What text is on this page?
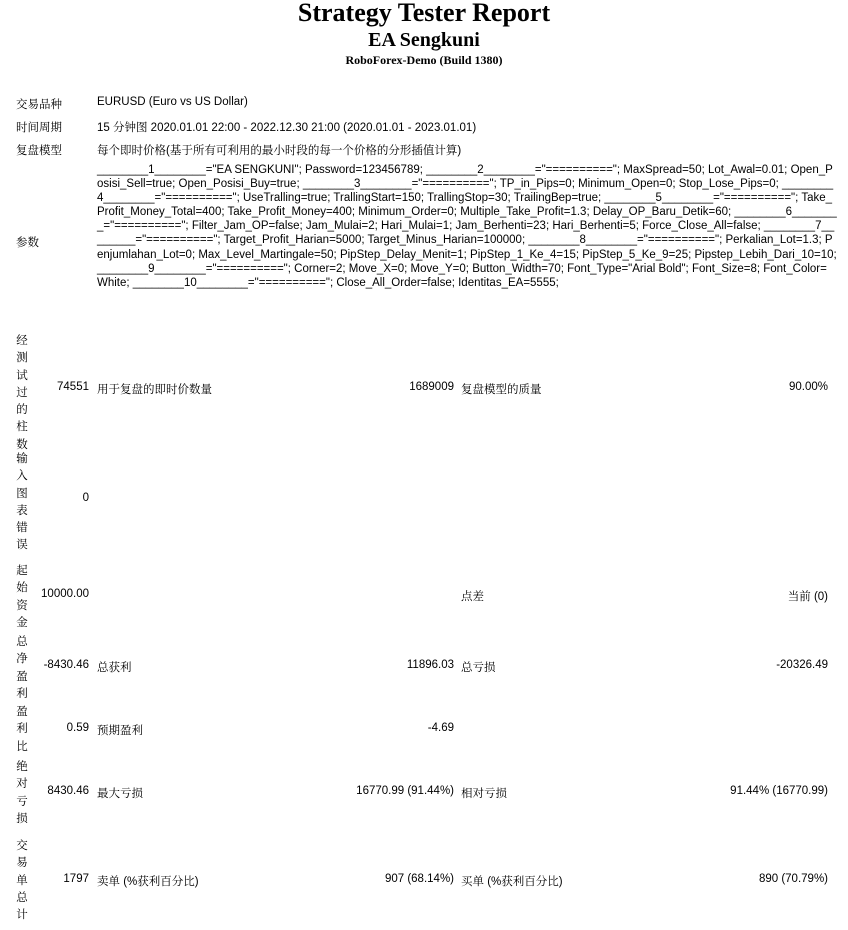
Strategy Tester Report
EA Sengkuni
RoboForex-Demo (Build 1380)
交易品种	EURUSD (Euro vs US Dollar)
时间周期	15 分钟图 2020.01.01 22:00 - 2022.12.30 21:00 (2020.01.01 - 2023.01.01)
复盘模型	每个即时价格(基于所有可利用的最小时段的每一个价格的分形插值计算)
参数
________1________="EA SENGKUNI"; Password=123456789; ________2________="=========="; MaxSpread=50; Lot_Awal=0.01; Open_Posisi_Sell=true; Open_Posisi_Buy=true; ________3________="=========="; TP_in_Pips=0; Minimum_Open=0; Stop_Lose_Pips=0; ________4________="=========="; UseTralling=true; TrallingStart=150; TrallingStop=30; TrailingBep=true; ________5________="=========="; Take_Profit_Money_Total=400; Take_Profit_Money=400; Minimum_Order=0; Multiple_Take_Profit=1.3; Delay_OP_Baru_Detik=60; ________6________="=========="; Filter_Jam_OP=false; Jam_Mulai=2; Hari_Mulai=1; Jam_Berhenti=23; Hari_Berhenti=5; Force_Close_All=false; ________7________="=========="; Target_Profit_Harian=5000; Target_Minus_Harian=100000; ________8________="=========="; Perkalian_Lot=1.3; Penjumlahan_Lot=0; Max_Level_Martingale=50; PipStep_Delay_Menit=1; PipStep_1_Ke_4=15; PipStep_5_Ke_9=25; Pipstep_Lebih_Dari_10=10; ________9________="=========="; Corner=2; Move_X=0; Move_Y=0; Button_Width=70; Font_Type="Arial Bold"; Font_Size=8; Font_Color=White; ________10________="=========="; Close_All_Order=false; Identitas_EA=5555;
经测试过的柱数
74551 用于复盘的即时价数量	1689009 复盘模型的质量	90.00%
输入图表错误
0
起始资金
10000.00	点差	当前 (0)
总净盈利
-8430.46 总获利	11896.03 总亏损	-20326.49
盈利比
0.59 预期盈利	-4.69
绝对亏损
8430.46 最大亏损	16770.99 (91.44%) 相对亏损	91.44% (16770.99)
交易单总计
1797 卖单 (%获利百分比)	907 (68.14%) 买单 (%获利百分比)	890 (70.79%)
